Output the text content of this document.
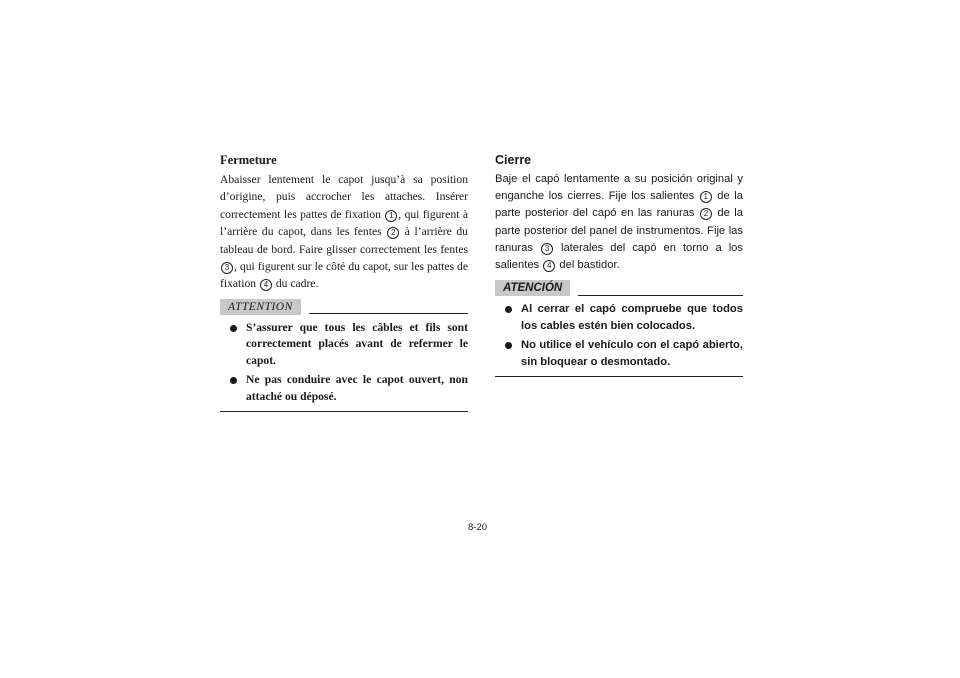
Fermeture

Abaisser lentement le capot jusqu’à sa position d’origine, puis accrocher les attaches. Insérer correctement les pattes de fixation 1 , qui figurent à l’arrière du capot, dans les fentes 2 à l’arrière du tableau de bord. Faire glisser correctement les fentes 3 , qui figurent sur le côté du capot, sur les pattes de fixation 4 du cadre.

ATTENTION
S’assurer que tous les câbles et fils sont correctement placés avant de refermer le capot.
Ne pas conduire avec le capot ouvert, non attaché ou déposé.

Cierre

Baje el capó lentamente a su posición original y enganche los cierres. Fije los salientes 1 de la parte posterior del capó en las ranuras 2 de la parte posterior del panel de instrumentos. Fije las ranuras 3 laterales del capó en torno a los salientes 4 del bastidor.

ATENCIÓN
Al cerrar el capó compruebe que todos los cables estén bien colocados.
No utilice el vehículo con el capó abierto, sin bloquear o desmontado.
8-20
